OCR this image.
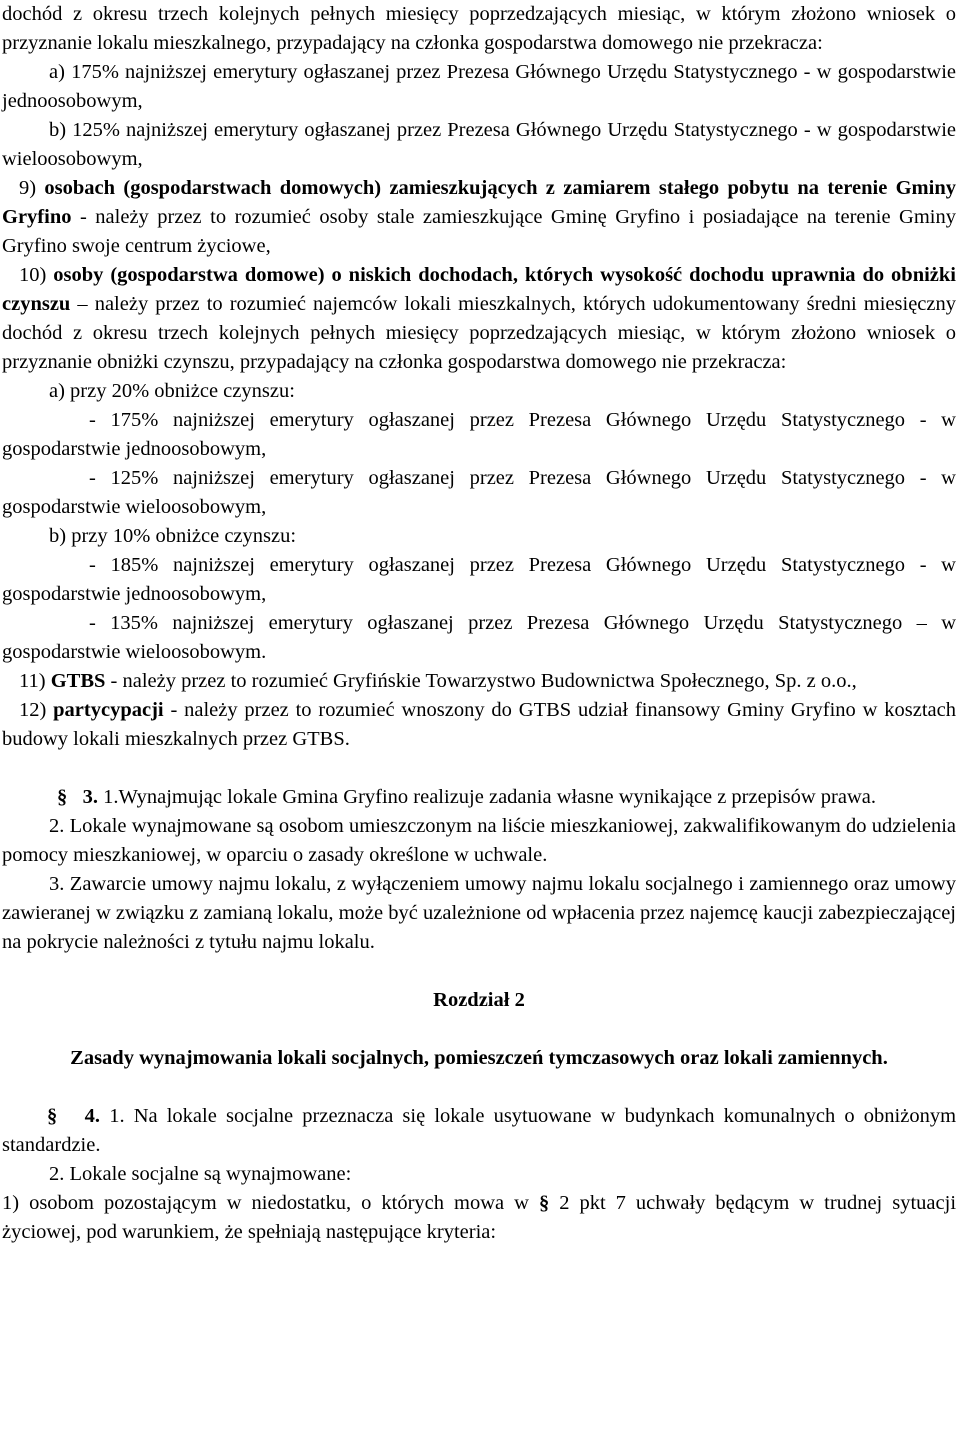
dochód z okresu trzech kolejnych pełnych miesięcy poprzedzających miesiąc, w którym złożono wniosek o przyznanie lokalu mieszkalnego, przypadający na członka gospodarstwa domowego nie przekracza:

a) 175% najniższej emerytury ogłaszanej przez Prezesa Głównego Urzędu Statystycznego - w gospodarstwie jednoosobowym,

b) 125% najniższej emerytury ogłaszanej przez Prezesa Głównego Urzędu Statystycznego - w gospodarstwie wieloosobowym,

9) osobach (gospodarstwach domowych) zamieszkujących z zamiarem stałego pobytu na terenie Gminy Gryfino - należy przez to rozumieć osoby stale zamieszkujące Gminę Gryfino i posiadające na terenie Gminy Gryfino swoje centrum życiowe,

10) osoby (gospodarstwa domowe) o niskich dochodach, których wysokość dochodu uprawnia do obniżki czynszu – należy przez to rozumieć najemców lokali mieszkalnych, których udokumentowany średni miesięczny dochód z okresu trzech kolejnych pełnych miesięcy poprzedzających miesiąc, w którym złożono wniosek o przyznanie obniżki czynszu, przypadający na członka gospodarstwa domowego nie przekracza:

a) przy 20% obniżce czynszu:

- 175% najniższej emerytury ogłaszanej przez Prezesa Głównego Urzędu Statystycznego - w gospodarstwie jednoosobowym,

- 125% najniższej emerytury ogłaszanej przez Prezesa Głównego Urzędu Statystycznego - w gospodarstwie wieloosobowym,

b) przy 10% obniżce czynszu:

- 185% najniższej emerytury ogłaszanej przez Prezesa Głównego Urzędu Statystycznego - w gospodarstwie jednoosobowym,

- 135% najniższej emerytury ogłaszanej przez Prezesa Głównego Urzędu Statystycznego – w gospodarstwie wieloosobowym.

11) GTBS - należy przez to rozumieć Gryfińskie Towarzystwo Budownictwa Społecznego, Sp. z o.o.,

12) partycypacji - należy przez to rozumieć wnoszony do GTBS udział finansowy Gminy Gryfino w kosztach budowy lokali mieszkalnych przez GTBS.

§ 3. 1.Wynajmując lokale Gmina Gryfino realizuje zadania własne wynikające z przepisów prawa.

2. Lokale wynajmowane są osobom umieszczonym na liście mieszkaniowej, zakwalifikowanym do udzielenia pomocy mieszkaniowej, w oparciu o zasady określone w uchwale.

3. Zawarcie umowy najmu lokalu, z wyłączeniem umowy najmu lokalu socjalnego i zamiennego oraz umowy zawieranej w związku z zamianą lokalu, może być uzależnione od wpłacenia przez najemcę kaucji zabezpieczającej na pokrycie należności z tytułu najmu lokalu.

Rozdział 2

Zasady wynajmowania lokali socjalnych, pomieszczeń tymczasowych oraz lokali zamiennych.

§ 4. 1. Na lokale socjalne przeznacza się lokale usytuowane w budynkach komunalnych o obniżonym standardzie.

2. Lokale socjalne są wynajmowane:

1) osobom pozostającym w niedostatku, o których mowa w § 2 pkt 7 uchwały będącym w trudnej sytuacji życiowej, pod warunkiem, że spełniają następujące kryteria:
